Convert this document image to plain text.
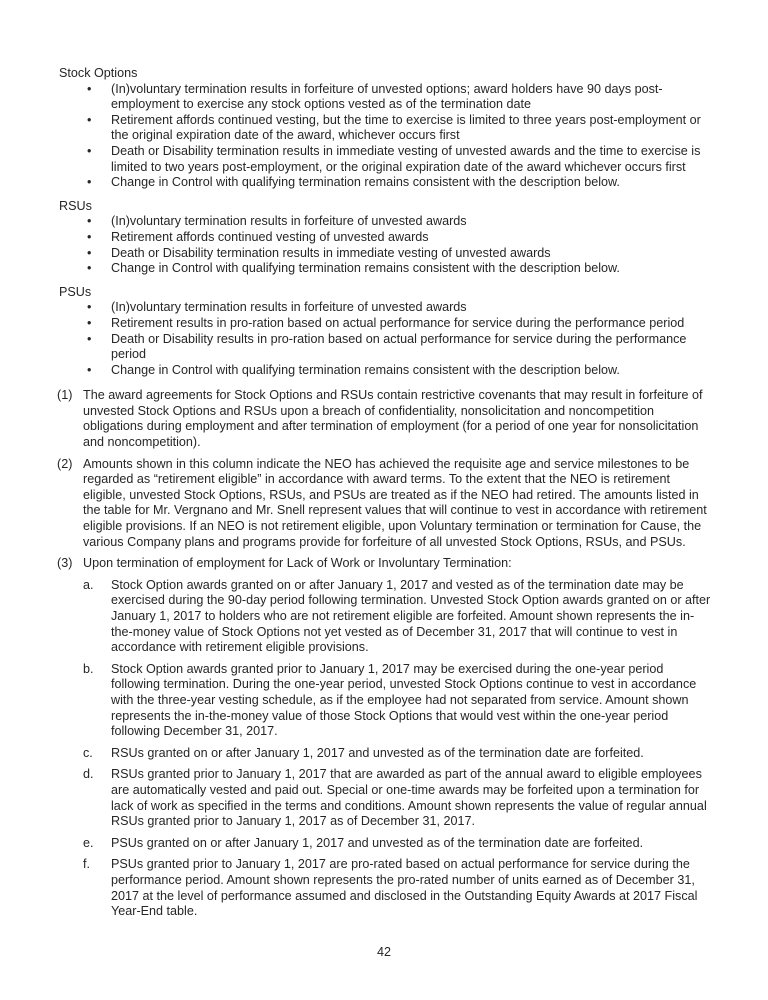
Stock Options

• (In)voluntary termination results in forfeiture of unvested options; award holders have 90 days post-employment to exercise any stock options vested as of the termination date
• Retirement affords continued vesting, but the time to exercise is limited to three years post-employment or the original expiration date of the award, whichever occurs first
• Death or Disability termination results in immediate vesting of unvested awards and the time to exercise is limited to two years post-employment, or the original expiration date of the award whichever occurs first
• Change in Control with qualifying termination remains consistent with the description below.

RSUs

• (In)voluntary termination results in forfeiture of unvested awards
• Retirement affords continued vesting of unvested awards
• Death or Disability termination results in immediate vesting of unvested awards
• Change in Control with qualifying termination remains consistent with the description below.

PSUs

• (In)voluntary termination results in forfeiture of unvested awards
• Retirement results in pro-ration based on actual performance for service during the performance period
• Death or Disability results in pro-ration based on actual performance for service during the performance period
• Change in Control with qualifying termination remains consistent with the description below.
(1) The award agreements for Stock Options and RSUs contain restrictive covenants that may result in forfeiture of unvested Stock Options and RSUs upon a breach of confidentiality, nonsolicitation and noncompetition obligations during employment and after termination of employment (for a period of one year for nonsolicitation and noncompetition).
(2) Amounts shown in this column indicate the NEO has achieved the requisite age and service milestones to be regarded as “retirement eligible” in accordance with award terms. To the extent that the NEO is retirement eligible, unvested Stock Options, RSUs, and PSUs are treated as if the NEO had retired. The amounts listed in the table for Mr. Vergnano and Mr. Snell represent values that will continue to vest in accordance with retirement eligible provisions. If an NEO is not retirement eligible, upon Voluntary termination or termination for Cause, the various Company plans and programs provide for forfeiture of all unvested Stock Options, RSUs, and PSUs.
(3) Upon termination of employment for Lack of Work or Involuntary Termination:

a. Stock Option awards granted on or after January 1, 2017 and vested as of the termination date may be exercised during the 90-day period following termination. Unvested Stock Option awards granted on or after January 1, 2017 to holders who are not retirement eligible are forfeited. Amount shown represents the in-the-money value of Stock Options not yet vested as of December 31, 2017 that will continue to vest in accordance with retirement eligible provisions.
b. Stock Option awards granted prior to January 1, 2017 may be exercised during the one-year period following termination. During the one-year period, unvested Stock Options continue to vest in accordance with the three-year vesting schedule, as if the employee had not separated from service. Amount shown represents the in-the-money value of those Stock Options that would vest within the one-year period following December 31, 2017.
c. RSUs granted on or after January 1, 2017 and unvested as of the termination date are forfeited.
d. RSUs granted prior to January 1, 2017 that are awarded as part of the annual award to eligible employees are automatically vested and paid out. Special or one-time awards may be forfeited upon a termination for lack of work as specified in the terms and conditions. Amount shown represents the value of regular annual RSUs granted prior to January 1, 2017 as of December 31, 2017.
e. PSUs granted on or after January 1, 2017 and unvested as of the termination date are forfeited.
f. PSUs granted prior to January 1, 2017 are pro-rated based on actual performance for service during the performance period. Amount shown represents the pro-rated number of units earned as of December 31, 2017 at the level of performance assumed and disclosed in the Outstanding Equity Awards at 2017 Fiscal Year-End table.
42
